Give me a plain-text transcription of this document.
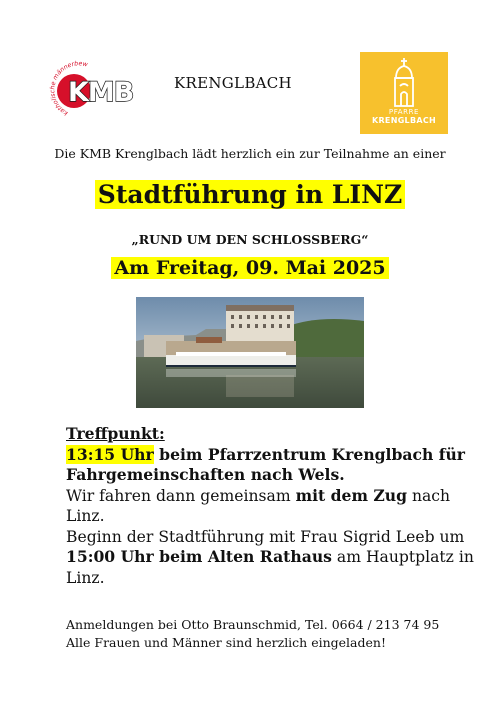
katholische männerbew
KMB	KRENGLBACH
PFARRE
KRENGLBACH
Die KMB Krenglbach lädt herzlich ein zur Teilnahme an einer
Stadtführung in LINZ
„RUND UM DEN SCHLOSSBERG“
Am Freitag, 09. Mai 2025

Treffpunkt:

13:15 Uhr beim Pfarrzentrum Krenglbach für Fahrgemeinschaften nach Wels.

Wir fahren dann gemeinsam mit dem Zug nach Linz.

Beginn der Stadtführung mit Frau Sigrid Leeb um 15:00 Uhr beim Alten Rathaus am Hauptplatz in Linz.

Anmeldungen bei Otto Braunschmid, Tel. 0664 / 213 74 95

Alle Frauen und Männer sind herzlich eingeladen!
